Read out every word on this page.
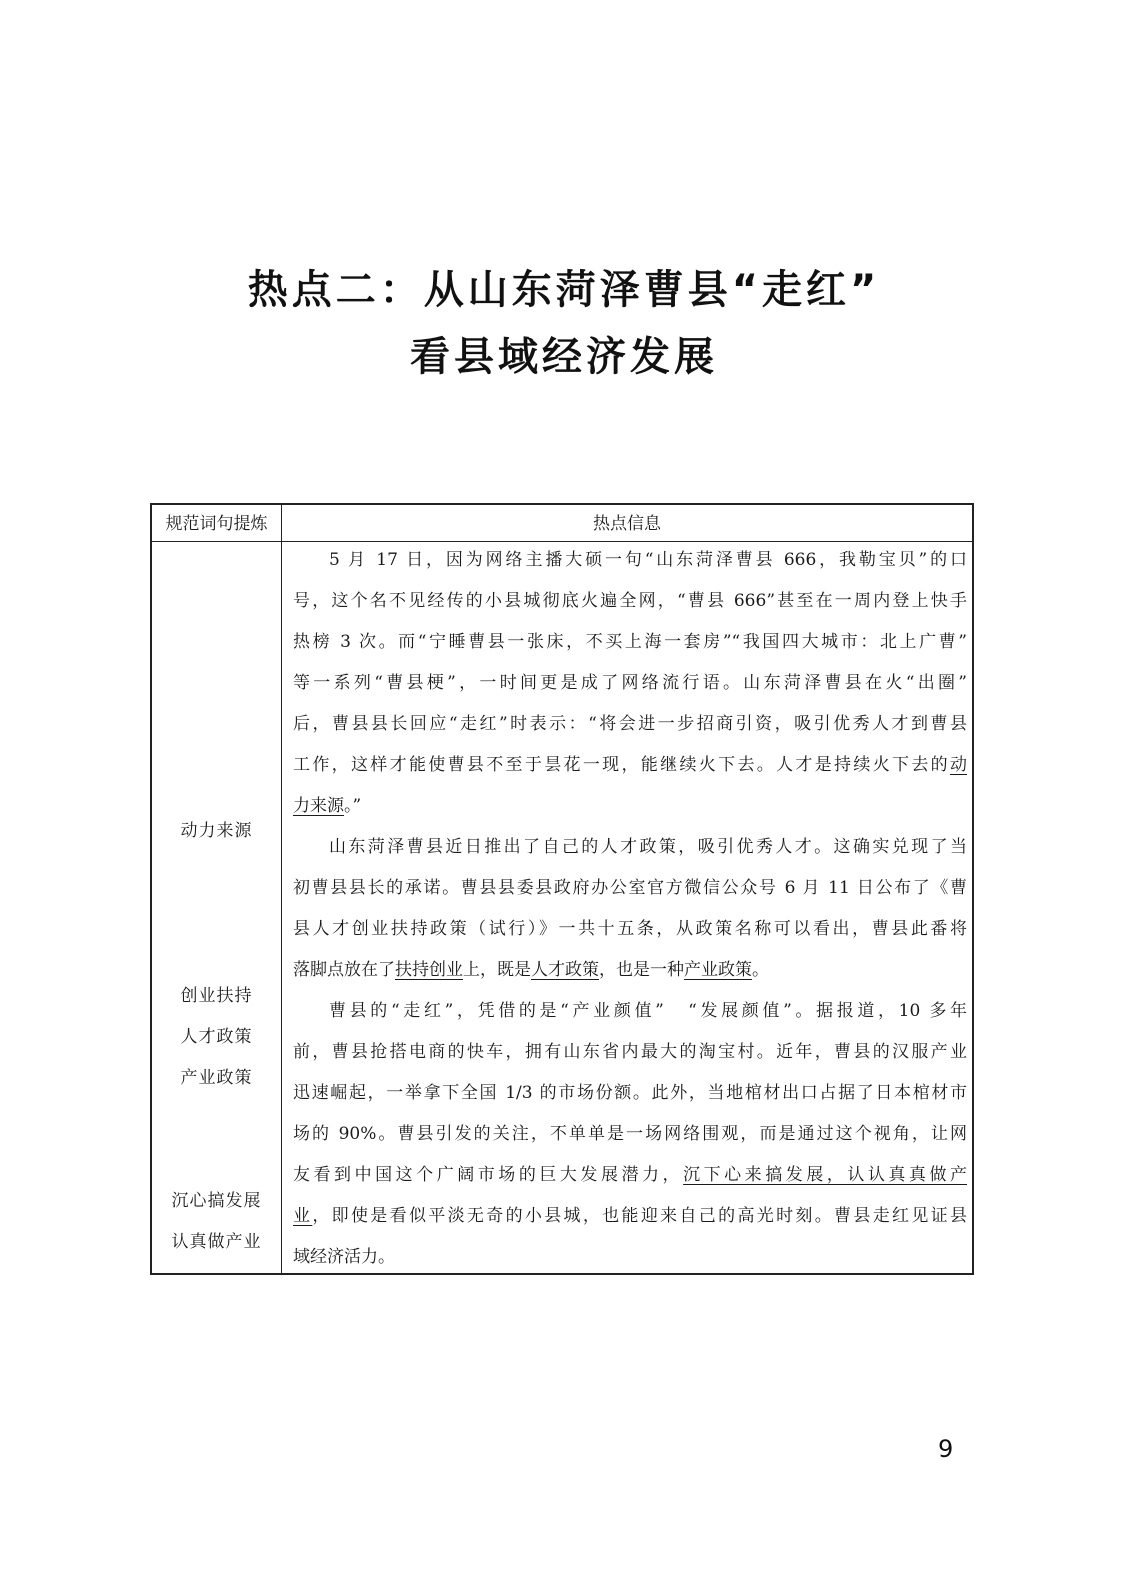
热点二：从山东菏泽曹县“走红”
看县域经济发展
规范词句提炼	热点信息
动力来源
创业扶持
人才政策
产业政策
沉心搞发展
认真做产业
5 月 17 日，因为网络主播大硕一句“山东菏泽曹县 666，我勒宝贝”的口
号，这个名不见经传的小县城彻底火遍全网，“曹县 666”甚至在一周内登上快手
热榜 3 次。而“宁睡曹县一张床，不买上海一套房”“我国四大城市：北上广曹”
等一系列“曹县梗”，一时间更是成了网络流行语。山东菏泽曹县在火“出圈”
后，曹县县长回应“走红”时表示：“将会进一步招商引资，吸引优秀人才到曹县
工作，这样才能使曹县不至于昙花一现，能继续火下去。人才是持续火下去的动
力来源。”
山东菏泽曹县近日推出了自己的人才政策，吸引优秀人才。这确实兑现了当
初曹县县长的承诺。曹县县委县政府办公室官方微信公众号 6 月 11 日公布了《曹
县人才创业扶持政策（试行）》一共十五条，从政策名称可以看出，曹县此番将
落脚点放在了扶持创业上，既是人才政策，也是一种产业政策。
曹县的“走红”，凭借的是“产业颜值”　“发展颜值”。据报道，10 多年
前，曹县抢搭电商的快车，拥有山东省内最大的淘宝村。近年，曹县的汉服产业
迅速崛起，一举拿下全国 1/3 的市场份额。此外，当地棺材出口占据了日本棺材市
场的 90%。曹县引发的关注，不单单是一场网络围观，而是通过这个视角，让网
友看到中国这个广阔市场的巨大发展潜力，沉下心来搞发展，认认真真做产
业，即使是看似平淡无奇的小县城，也能迎来自己的高光时刻。曹县走红见证县
域经济活力。
9
